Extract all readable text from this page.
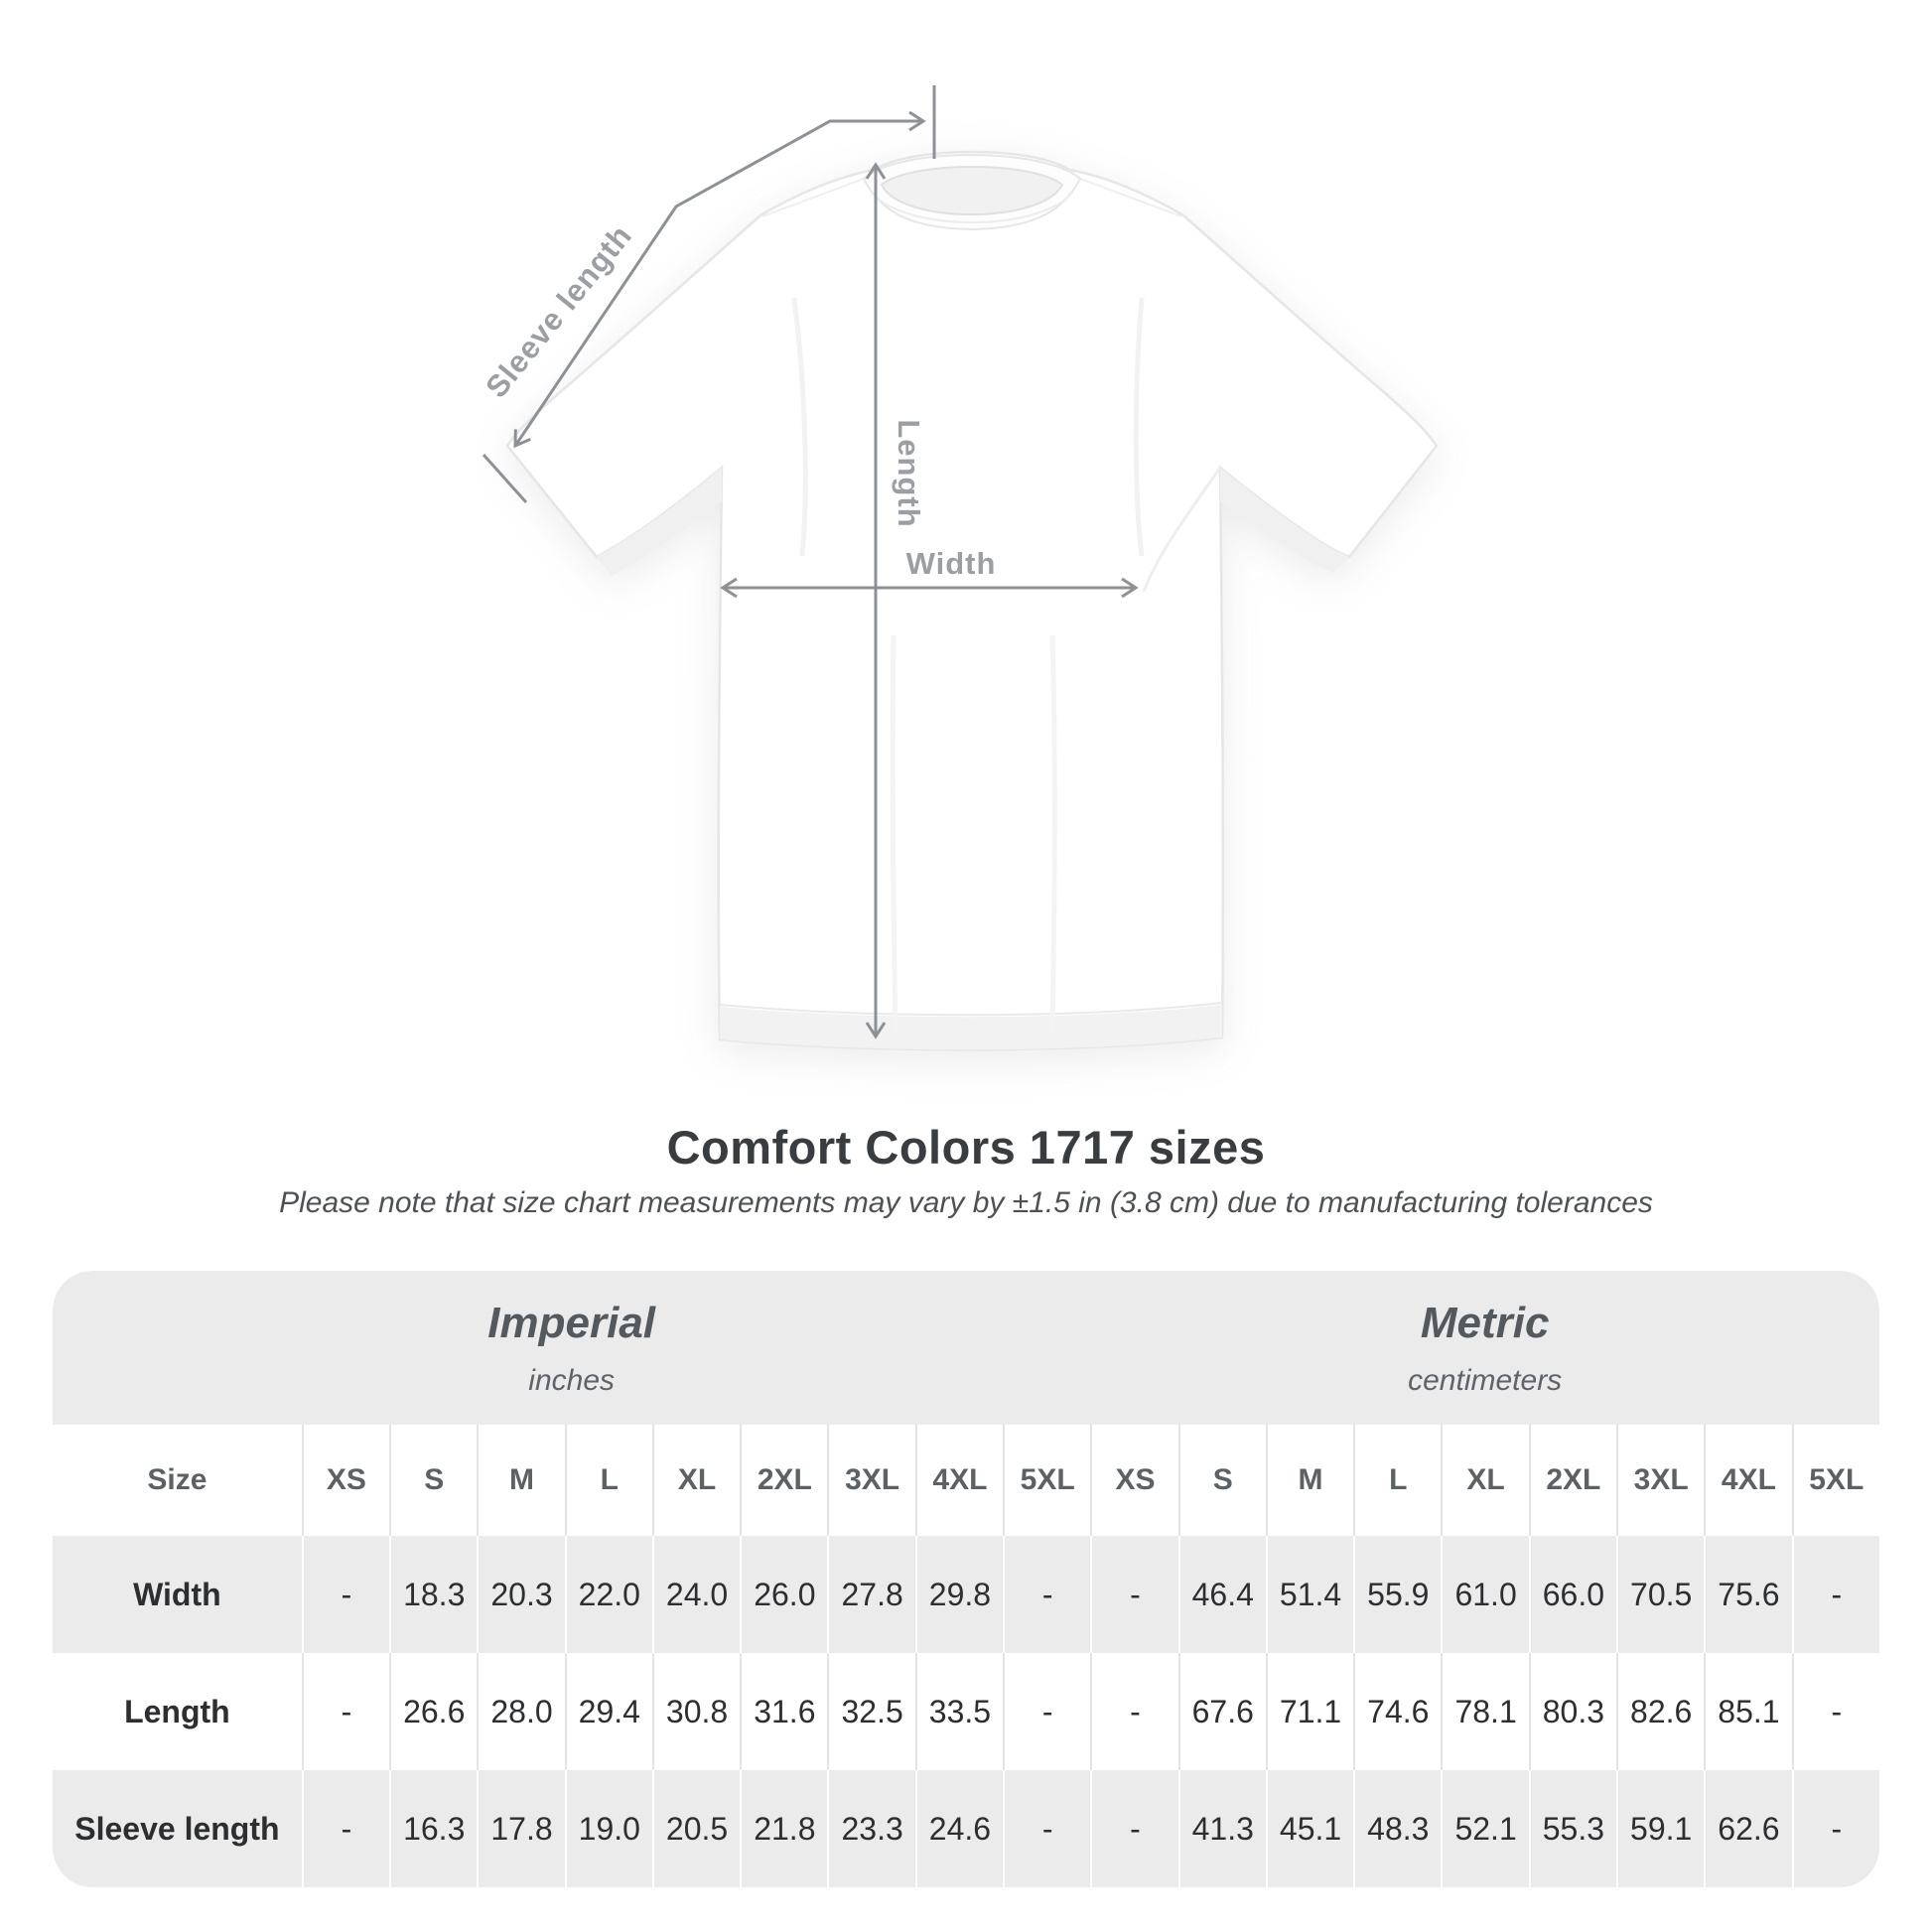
Sleeve length
Length
Width
Comfort Colors 1717 sizes
Please note that size chart measurements may vary by ±1.5 in (3.8 cm) due to manufacturing tolerances
Imperial
inches

Metric
centimeters

Size	XS	S	M	L	XL	2XL	3XL	4XL	5XL	XS	S	M	L	XL	2XL	3XL	4XL	5XL
Width	-	18.3	20.3	22.0	24.0	26.0	27.8	29.8	-	-	46.4	51.4	55.9	61.0	66.0	70.5	75.6	-
Length	-	26.6	28.0	29.4	30.8	31.6	32.5	33.5	-	-	67.6	71.1	74.6	78.1	80.3	82.6	85.1	-
Sleeve length	-	16.3	17.8	19.0	20.5	21.8	23.3	24.6	-	-	41.3	45.1	48.3	52.1	55.3	59.1	62.6	-
